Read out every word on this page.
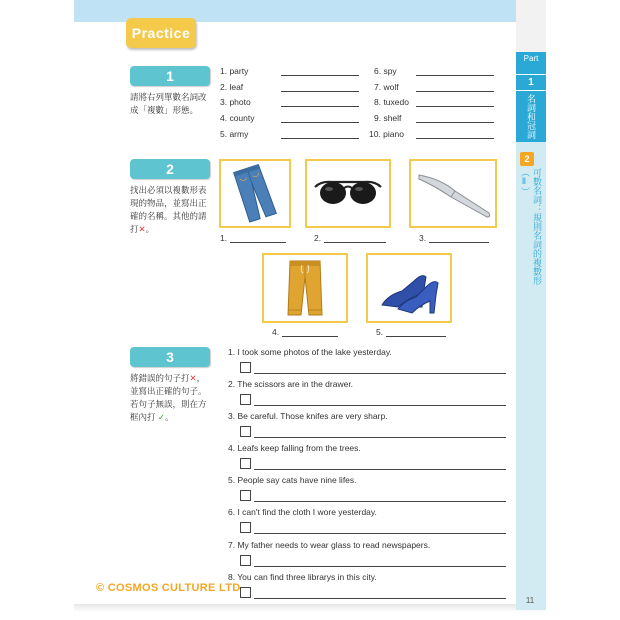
Practice
Part
1
名詞和冠詞
2
可數名詞：規則名詞的複數形（Ⅱ）
11
1
請將右列單數名詞改成「複數」形態。
1. party
2. leaf
3. photo
4. county
5. army
6. spy
7. wolf
8. tuxedo
9. shelf
10. piano
2
找出必須以複數形表現的物品，並寫出正確的名稱。其他的請打✕。
1.	2.	3.
4.	5.
3
將錯誤的句子打✕，並寫出正確的句子。若句子無誤，則在方框內打 ✓。
1. I took some photos of the lake yesterday.
2. The scissors are in the drawer.
3. Be careful. Those knifes are very sharp.
4. Leafs keep falling from the trees.
5. People say cats have nine lifes.
6. I can't find the cloth I wore yesterday.
7. My father needs to wear glass to read newspapers.
8. You can find three librarys in this city.
© COSMOS CULTURE LTD
